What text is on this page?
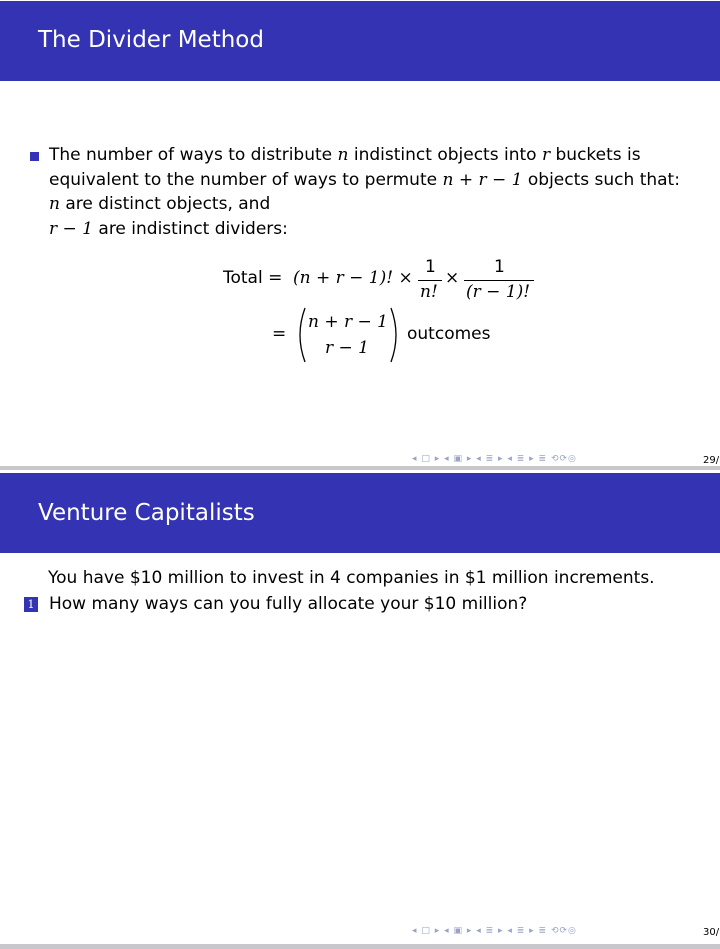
The Divider Method
The number of ways to distribute n indistinct objects into r buckets is
equivalent to the number of ways to permute n + r − 1 objects such that:
n are distinct objects, and
r − 1 are indistinct dividers:
Total = (n + r − 1)! ×
1
n!
×
1
(r − 1)!
=
n + r − 1
r − 1
outcomes
◂ □ ▸ ◂ ▣ ▸ ◂ ≣ ▸ ◂ ≣ ▸ ≣ ⟲⟳◎	29/
Venture Capitalists
You have $10 million to invest in 4 companies in $1 million increments.
1 How many ways can you fully allocate your $10 million?
◂ □ ▸ ◂ ▣ ▸ ◂ ≣ ▸ ◂ ≣ ▸ ≣ ⟲⟳◎	30/
